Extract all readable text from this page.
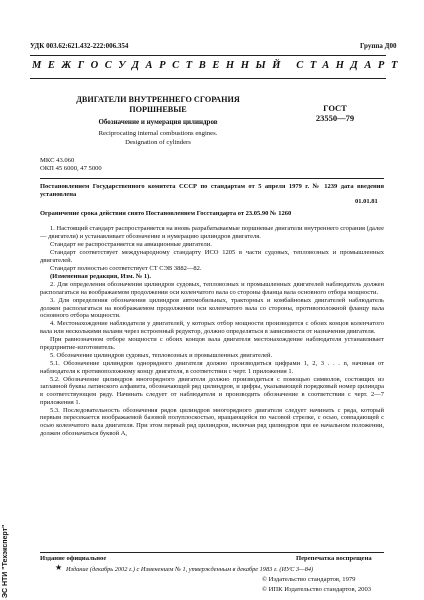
УДК 003.62:621.432-222:006.354	Группа Д00
МЕЖГОСУДАРСТВЕННЫЙ СТАНДАРТ
ДВИГАТЕЛИ ВНУТРЕННЕГО СГОРАНИЯ
ПОРШНЕВЫЕ
Обозначение и нумерация цилиндров
Reciprocating internal combustions engines.
Designation of cylinders
ГОСТ
23550—79
МКС 43.060
ОКП 45 6000, 47 5000
Постановлением Государственного комитета СССР по стандартам от 5 апреля 1979 г. № 1239 дата введения установлена
01.01.81
Ограничение срока действия снято Постановлением Госстандарта от 23.05.90 № 1260

1. Настоящий стандарт распространяется на вновь разрабатываемые поршневые двигатели внутреннего сгорания (далее — двигатели) и устанавливает обозначение и нумерацию цилиндров двигателя.

Стандарт не распространяется на авиационные двигатели.

Стандарт соответствует международному стандарту ИСО 1205 в части судовых, тепловозных и промышленных двигателей.

Стандарт полностью соответствует СТ СЭВ 3882—82.

(Измененная редакция, Изм. № 1).

2. Для определения обозначения цилиндров судовых, тепловозных и промышленных двигателей наблюдатель должен располагаться на воображаемом продолжении оси коленчатого вала со стороны фланца вала основного отбора мощности.

3. Для определения обозначения цилиндров автомобильных, тракторных и комбайновых двигателей наблюдатель должен располагаться на воображаемом продолжении оси коленчатого вала со стороны, противоположной фланцу вала основного отбора мощности.

4. Местонахождение наблюдателя у двигателей, у которых отбор мощности производится с обоих концов коленчатого вала или несколькими валами через встроенный редуктор, должно определяться в зависимости от назначения двигателя.

При равнозначном отборе мощности с обоих концов вала двигателя местонахождение наблюдателя устанавливает предприятие-изготовитель.

5. Обозначение цилиндров судовых, тепловозных и промышленных двигателей.

5.1. Обозначение цилиндров однорядного двигателя должно производиться цифрами 1, 2, 3 . . . n, начиная от наблюдателя к противоположному концу двигателя, в соответствии с черт. 1 приложения 1.

5.2. Обозначение цилиндров многорядного двигателя должно производиться с помощью символов, состоящих из заглавной буквы латинского алфавита, обозначающей ряд цилиндров, и цифры, указывающей порядковый номер цилиндра в соответствующем ряду. Начинать следует от наблюдателя и производить обозначение в соответствии с черт. 2—7 приложения 1.

5.3. Последовательность обозначения рядов цилиндров многорядного двигателя следует начинать с ряда, который первым пересекается воображаемой базовой полуплоскостью, вращающейся по часовой стрелке, с осью, совпадающей с осью коленчатого вала двигателя. При этом первый ряд цилиндров, включая ряд цилиндров при ее начальном положении, должен обозначаться буквой A,

Издание официальное	Перепечатка воспрещена
★ Издание (декабрь 2002 г.) с Изменением № 1, утвержденным в декабре 1983 г. (ИУС 3—84)
© Издательство стандартов, 1979
© ИПК Издательство стандартов, 2003
ЭС НТИ "Техэксперт"
